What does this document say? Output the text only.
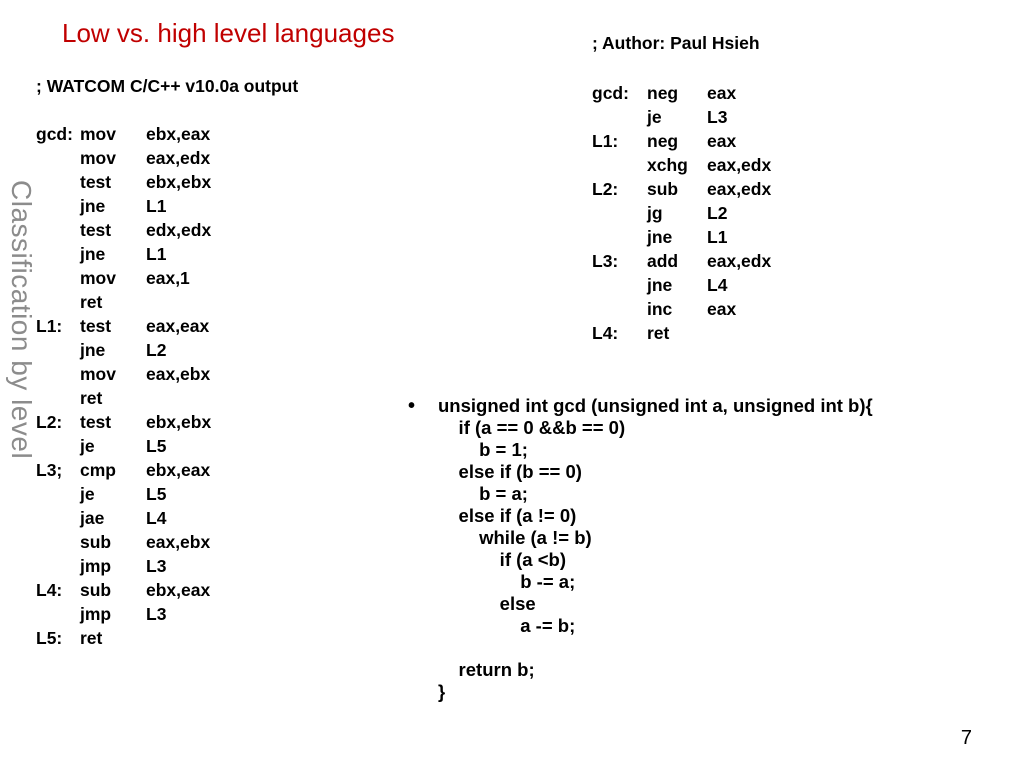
Low vs. high level languages
Classification by level
; WATCOM C/C++ v10.0a output
gcd: mov ebx,eax
mov eax,edx
test ebx,ebx
jne L1
test edx,edx
jne L1
mov eax,1
ret
L1: test eax,eax
jne L2
mov eax,ebx
ret
L2: test ebx,ebx
je	L5
L3; cmp ebx,eax
je	L5
jae L4
sub eax,ebx
jmp L3
L4: sub ebx,eax
jmp L3
L5: ret
; Author: Paul Hsieh
gcd: neg eax
je	L3
L1: neg eax
xchg eax,edx
L2: sub eax,edx
jg	L2
jne L1
L3: add eax,edx
jne L4
inc eax
L4: ret
• unsigned int gcd (unsigned int a, unsigned int b){
if (a == 0 &&b == 0)
b = 1;
else if (b == 0)
b = a;
else if (a != 0)
while (a != b)
if (a <b)
b -= a;
else
a -= b;
return b;
}
7
